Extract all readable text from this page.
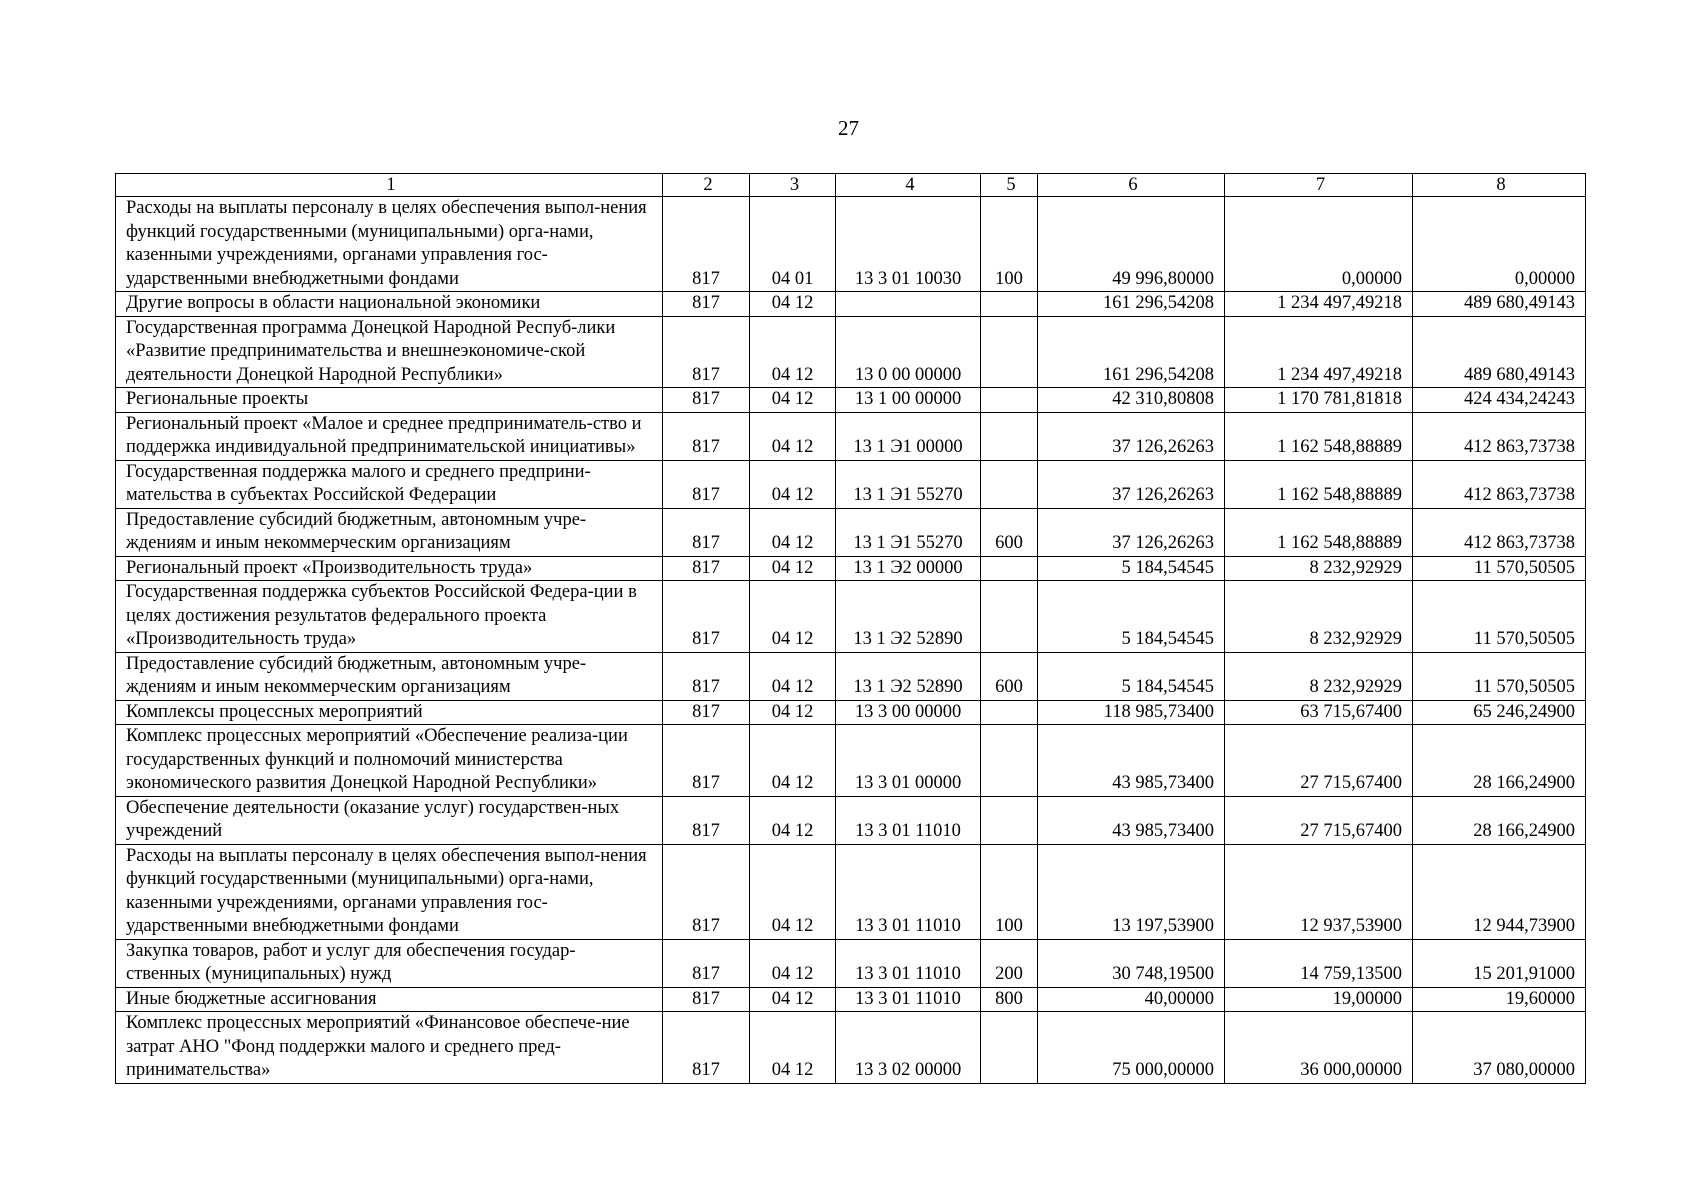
27
1	2	3	4	5	6	7	8
Расходы на выплаты персоналу в целях обеспечения выпол-нения функций государственными (муниципальными) орга-нами, казенными учреждениями, органами управления гос-ударственными внебюджетными фондами	817	04 01	13 3 01 10030	100	49 996,80000	0,00000	0,00000
Другие вопросы в области национальной экономики	817	04 12			161 296,54208	1 234 497,49218	489 680,49143
Государственная программа Донецкой Народной Респуб-лики «Развитие предпринимательства и внешнеэкономиче-ской деятельности Донецкой Народной Республики»	817	04 12	13 0 00 00000		161 296,54208	1 234 497,49218	489 680,49143
Региональные проекты	817	04 12	13 1 00 00000		42 310,80808	1 170 781,81818	424 434,24243
Региональный проект «Малое и среднее предприниматель-ство и поддержка индивидуальной предпринимательской инициативы»	817	04 12	13 1 Э1 00000		37 126,26263	1 162 548,88889	412 863,73738
Государственная поддержка малого и среднего предприни-мательства в субъектах Российской Федерации	817	04 12	13 1 Э1 55270		37 126,26263	1 162 548,88889	412 863,73738
Предоставление субсидий бюджетным, автономным учре-ждениям и иным некоммерческим организациям	817	04 12	13 1 Э1 55270	600	37 126,26263	1 162 548,88889	412 863,73738
Региональный проект «Производительность труда»	817	04 12	13 1 Э2 00000		5 184,54545	8 232,92929	11 570,50505
Государственная поддержка субъектов Российской Федера-ции в целях достижения результатов федерального проекта «Производительность труда»	817	04 12	13 1 Э2 52890		5 184,54545	8 232,92929	11 570,50505
Предоставление субсидий бюджетным, автономным учре-ждениям и иным некоммерческим организациям	817	04 12	13 1 Э2 52890	600	5 184,54545	8 232,92929	11 570,50505
Комплексы процессных мероприятий	817	04 12	13 3 00 00000		118 985,73400	63 715,67400	65 246,24900
Комплекс процессных мероприятий «Обеспечение реализа-ции государственных функций и полномочий министерства экономического развития Донецкой Народной Республики»	817	04 12	13 3 01 00000		43 985,73400	27 715,67400	28 166,24900
Обеспечение деятельности (оказание услуг) государствен-ных учреждений	817	04 12	13 3 01 11010		43 985,73400	27 715,67400	28 166,24900
Расходы на выплаты персоналу в целях обеспечения выпол-нения функций государственными (муниципальными) орга-нами, казенными учреждениями, органами управления гос-ударственными внебюджетными фондами	817	04 12	13 3 01 11010	100	13 197,53900	12 937,53900	12 944,73900
Закупка товаров, работ и услуг для обеспечения государ-ственных (муниципальных) нужд	817	04 12	13 3 01 11010	200	30 748,19500	14 759,13500	15 201,91000
Иные бюджетные ассигнования	817	04 12	13 3 01 11010	800	40,00000	19,00000	19,60000
Комплекс процессных мероприятий «Финансовое обеспече-ние затрат АНО "Фонд поддержки малого и среднего пред-принимательства»	817	04 12	13 3 02 00000		75 000,00000	36 000,00000	37 080,00000
